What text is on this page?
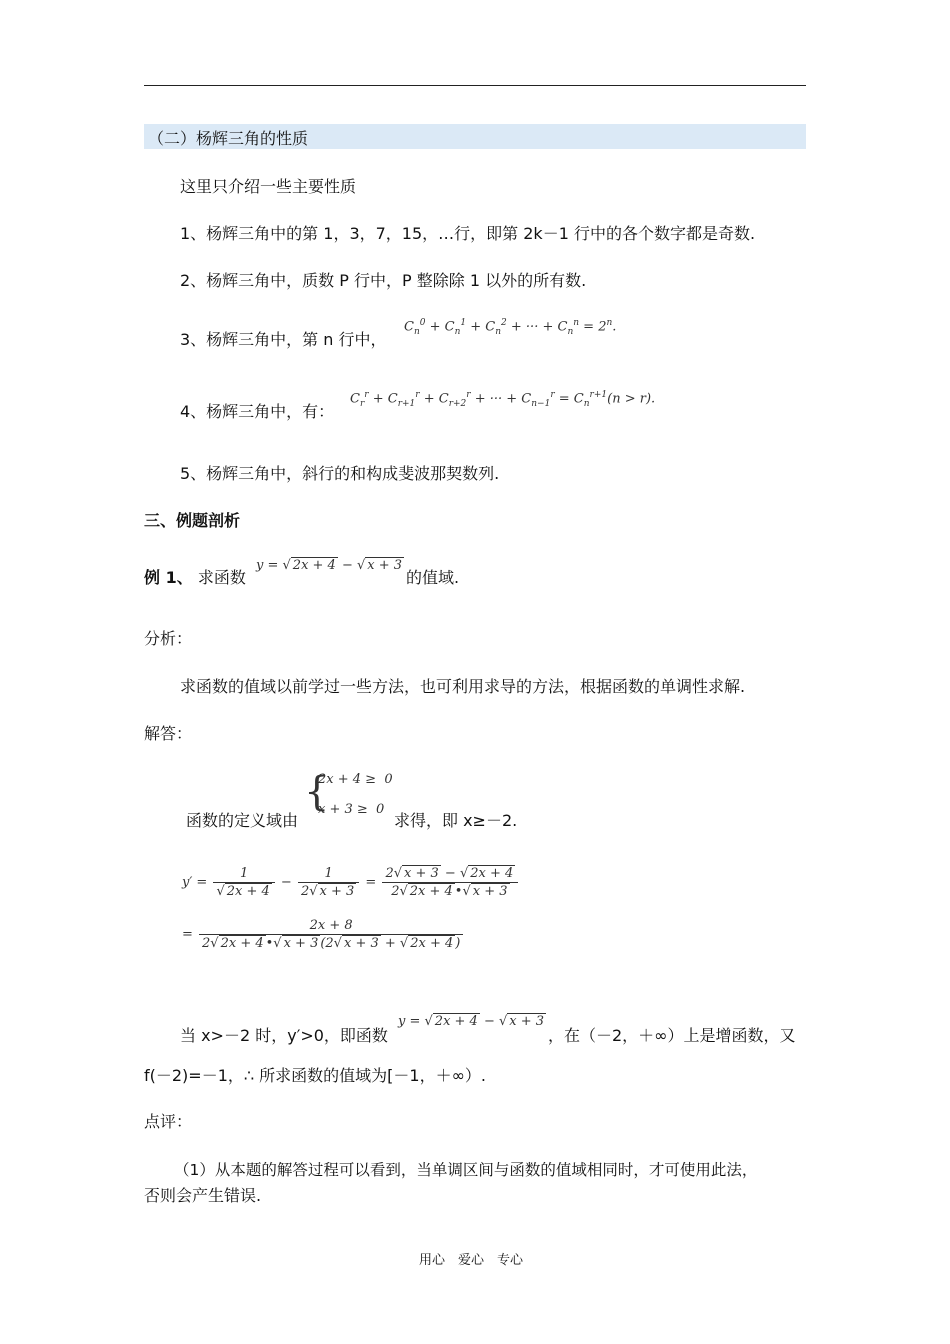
（二）杨辉三角的性质
这里只介绍一些主要性质
1、杨辉三角中的第 1，3，7，15，…行，即第 2k－1 行中的各个数字都是奇数.
2、杨辉三角中，质数 P 行中，P 整除除 1 以外的所有数.
3、杨辉三角中，第 n 行中，
$C_n^0 + C_n^1 + C_n^2$ + ··· + $C_n^n = 2^n$.
4、杨辉三角中，有：
$C_r^r + C_{r+1}^r + C_{r+2}^r$ + ··· + $C_{n-1}^r = C_n^{r+1}(n > r)$.
5、杨辉三角中，斜行的和构成斐波那契数列.
三、例题剖析
例 1、 求函数
y = √ 2x + 4 − √ x + 3
的值域.
分析：
求函数的值域以前学过一些方法，也可利用求导的方法，根据函数的单调性求解.
解答：
函数的定义域由
{
2x + 4 ≥  0
x + 3 ≥  0
求得，即 x≥－2.
$y' = \frac{1}{√ 2x + 4} - \frac{1}{2√ x + 3} = \frac{2√ x + 3 - √ 2x + 4}{2√ 2x + 4 •√ x + 3}$
= $\frac{2x + 8}{2√ 2x + 4 •√ x + 3 (2√ x + 3 + √ 2x + 4 )}$
当 x>－2 时，y′>0，即函数
y = √ 2x + 4 − √ x + 3
，在（－2，＋∞）上是增函数，又
f(－2)=－1，∴ 所求函数的值域为[－1，＋∞）.
点评：
（1）从本题的解答过程可以看到，当单调区间与函数的值域相同时，才可使用此法，
否则会产生错误.
用心　爱心　专心
